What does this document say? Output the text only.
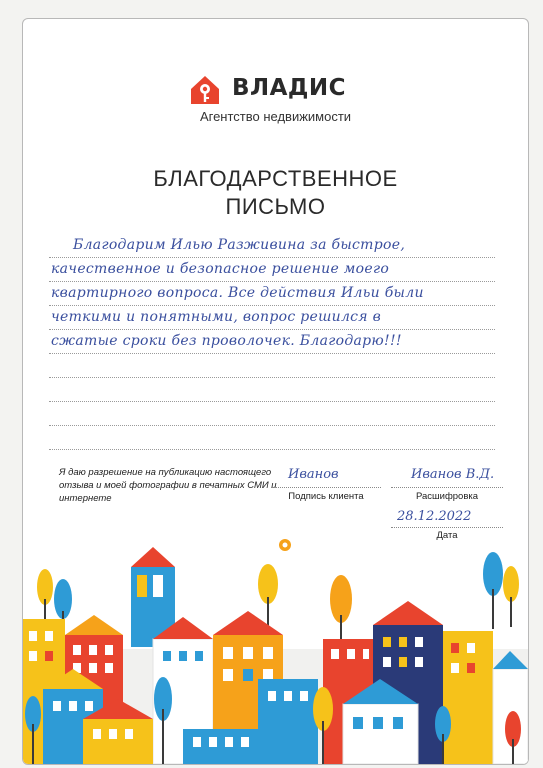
ВЛАДИС
Агентство недвижимости
БЛАГОДАРСТВЕННОЕ
ПИСЬМО
Благодарим Илью Разживина за быстрое,
качественное и безопасное решение моего
квартирного вопроса. Все действия Ильи были
четкими и понятными, вопрос решился в
сжатые сроки без проволочек. Благодарю!!!
Я даю разрешение на публикацию настоящего отзыва и моей фотографии в печатных СМИ и интернете
Иванов
Подпись клиента
Иванов В.Д.
Расшифровка
28.12.2022
Дата
